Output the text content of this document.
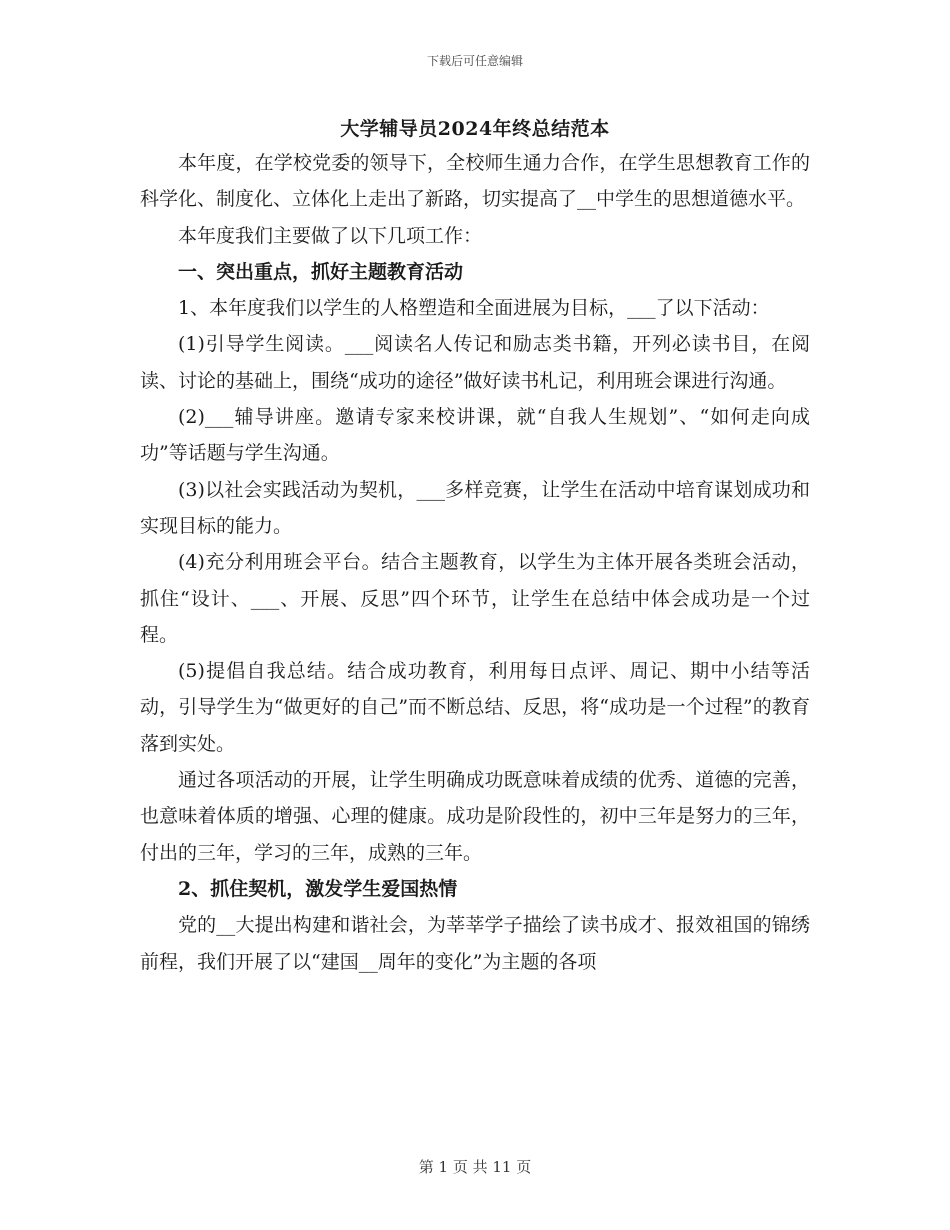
下载后可任意编辑
大学辅导员2024年终总结范本

本年度，在学校党委的领导下，全校师生通力合作，在学生思想教育工作的科学化、制度化、立体化上走出了新路，切实提高了__中学生的思想道德水平。

本年度我们主要做了以下几项工作：

一、突出重点，抓好主题教育活动

1、本年度我们以学生的人格塑造和全面进展为目标，___了以下活动：

(1)引导学生阅读。___阅读名人传记和励志类书籍，开列必读书目，在阅读、讨论的基础上，围绕“成功的途径”做好读书札记，利用班会课进行沟通。

(2)___辅导讲座。邀请专家来校讲课，就“自我人生规划”、“如何走向成功”等话题与学生沟通。

(3)以社会实践活动为契机，___多样竞赛，让学生在活动中培育谋划成功和实现目标的能力。

(4)充分利用班会平台。结合主题教育，以学生为主体开展各类班会活动，抓住“设计、___、开展、反思”四个环节，让学生在总结中体会成功是一个过程。

(5)提倡自我总结。结合成功教育，利用每日点评、周记、期中小结等活动，引导学生为“做更好的自己”而不断总结、反思，将“成功是一个过程”的教育落到实处。

通过各项活动的开展，让学生明确成功既意味着成绩的优秀、道德的完善，也意味着体质的增强、心理的健康。成功是阶段性的，初中三年是努力的三年，付出的三年，学习的三年，成熟的三年。

2、抓住契机，激发学生爱国热情

党的__大提出构建和谐社会，为莘莘学子描绘了读书成才、报效祖国的锦绣前程，我们开展了以“建国__周年的变化”为主题的各项

第 1 页 共 11 页
